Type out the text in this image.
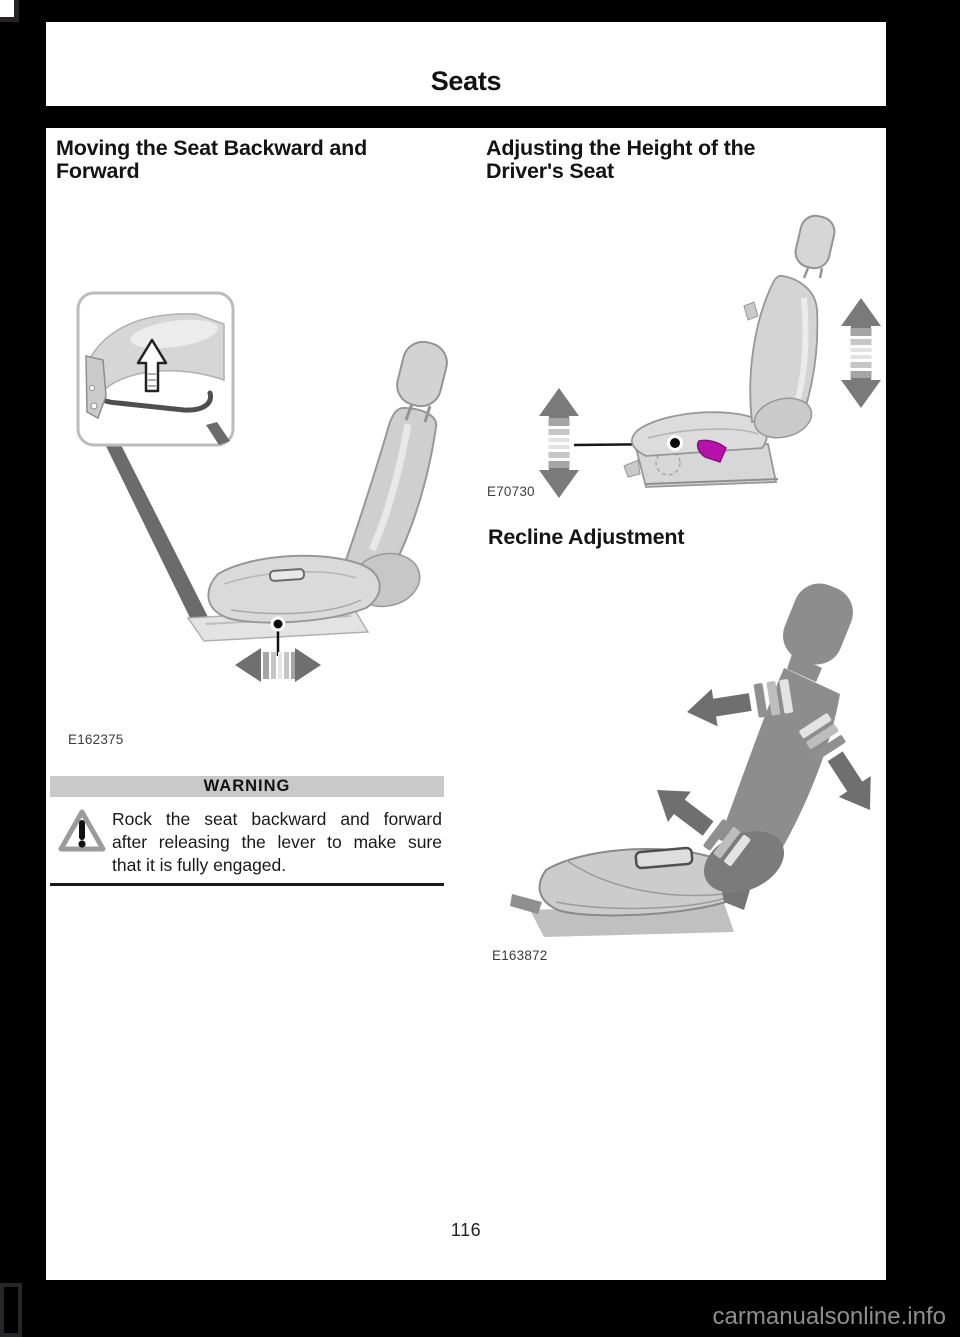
Seats
Moving the Seat Backward and
Forward
E162375
WARNING
Rock the seat backward and forward
after releasing the lever to make sure
that it is fully engaged.
Adjusting the Height of the
Driver's Seat
E70730
Recline Adjustment
E163872
116
carmanualsonline.info
